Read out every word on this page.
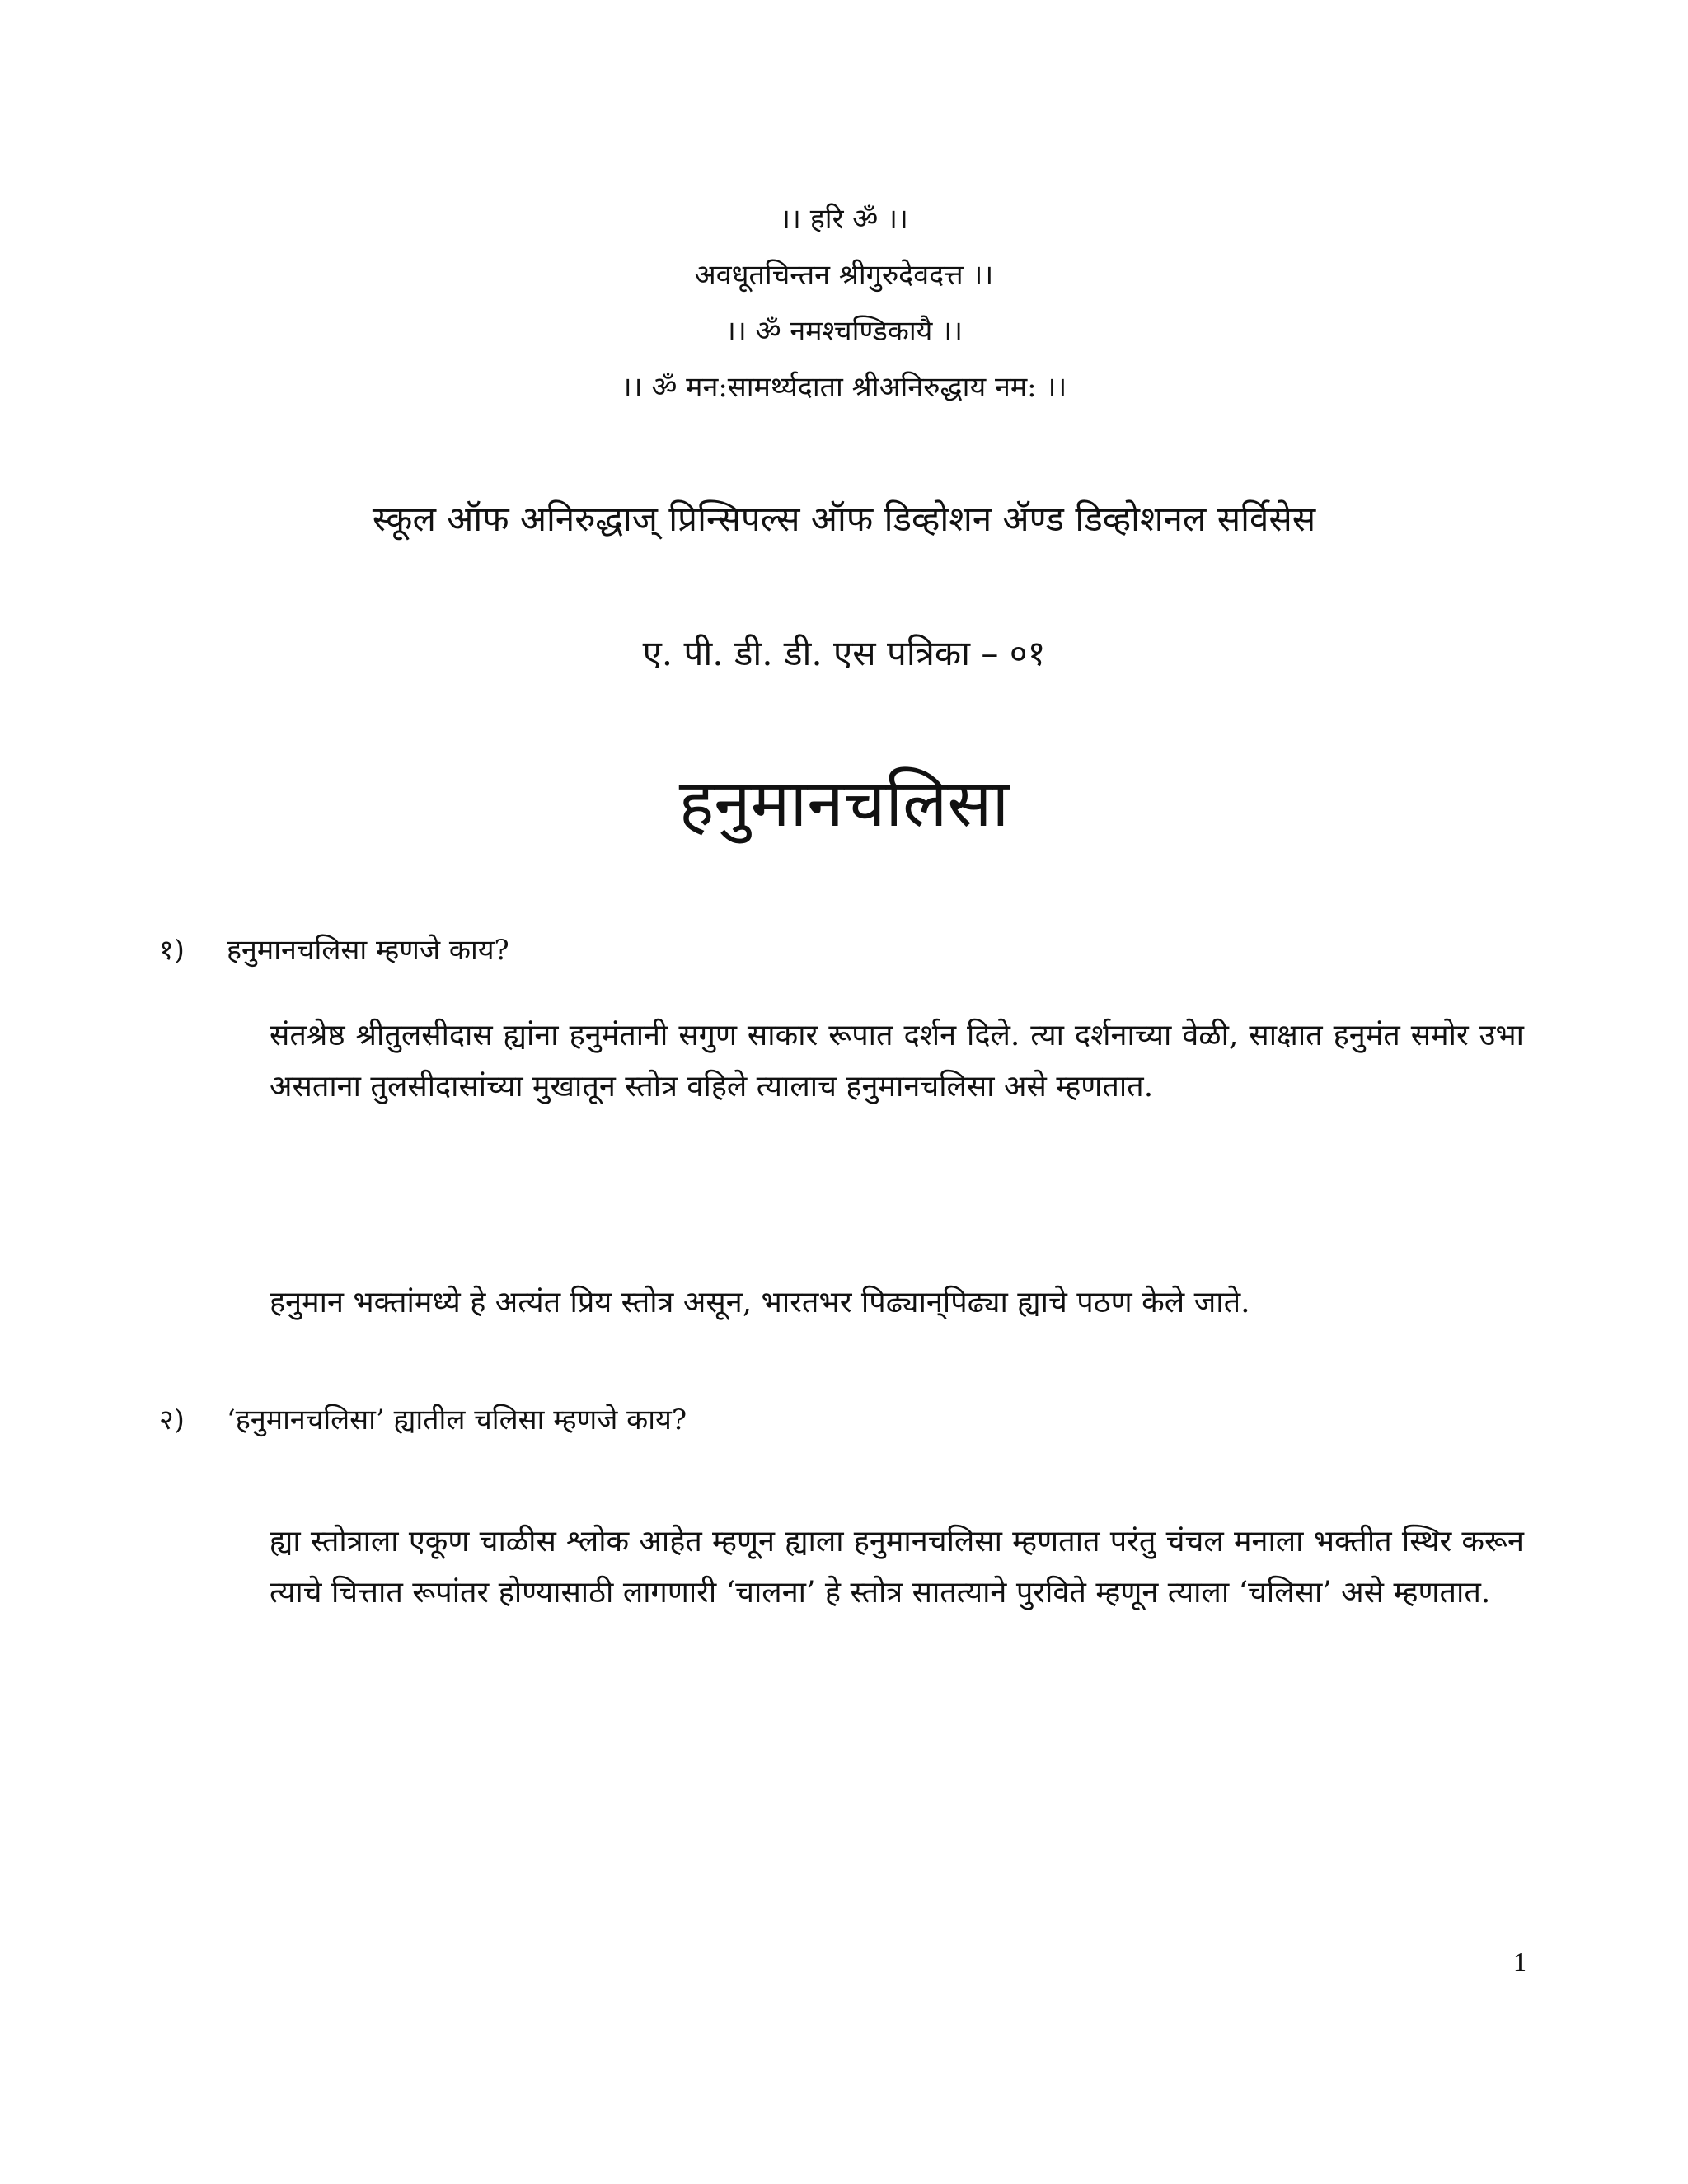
।। हरि ॐ ।।
अवधूतचिन्तन श्रीगुरुदेवदत्त ।।
।। ॐ नमश्चण्डिकायै ।।
।। ॐ मन:सामर्थ्यदाता श्रीअनिरुद्धाय नम: ।।
स्कूल ऑफ अनिरुद्धाज् प्रिन्सिपल्स ऑफ डिव्होशन ॲण्ड डिव्होशनल सर्विसेस
ए. पी. डी. डी. एस पत्रिका – ०१
हनुमानचलिसा
१) हनुमानचलिसा म्हणजे काय?
संतश्रेष्ठ श्रीतुलसीदास ह्यांना हनुमंतानी सगुण साकार रूपात दर्शन दिले. त्या दर्शनाच्या वेळी, साक्षात हनुमंत समोर उभा असताना तुलसीदासांच्या मुखातून स्तोत्र वहिले त्यालाच हनुमानचलिसा असे म्हणतात.
हनुमान भक्तांमध्ये हे अत्यंत प्रिय स्तोत्र असून, भारतभर पिढ्यान्‌पिढ्या ह्याचे पठण केले जाते.
२) ‘हनुमानचलिसा’ ह्यातील चलिसा म्हणजे काय?
ह्या स्तोत्राला एकूण चाळीस श्लोक आहेत म्हणून ह्याला हनुमानचलिसा म्हणतात परंतु चंचल मनाला भक्तीत स्थिर करून त्याचे चित्तात रूपांतर होण्यासाठी लागणारी ‘चालना’ हे स्तोत्र सातत्याने पुरविते म्हणून त्याला ‘चलिसा’ असे म्हणतात.
1
